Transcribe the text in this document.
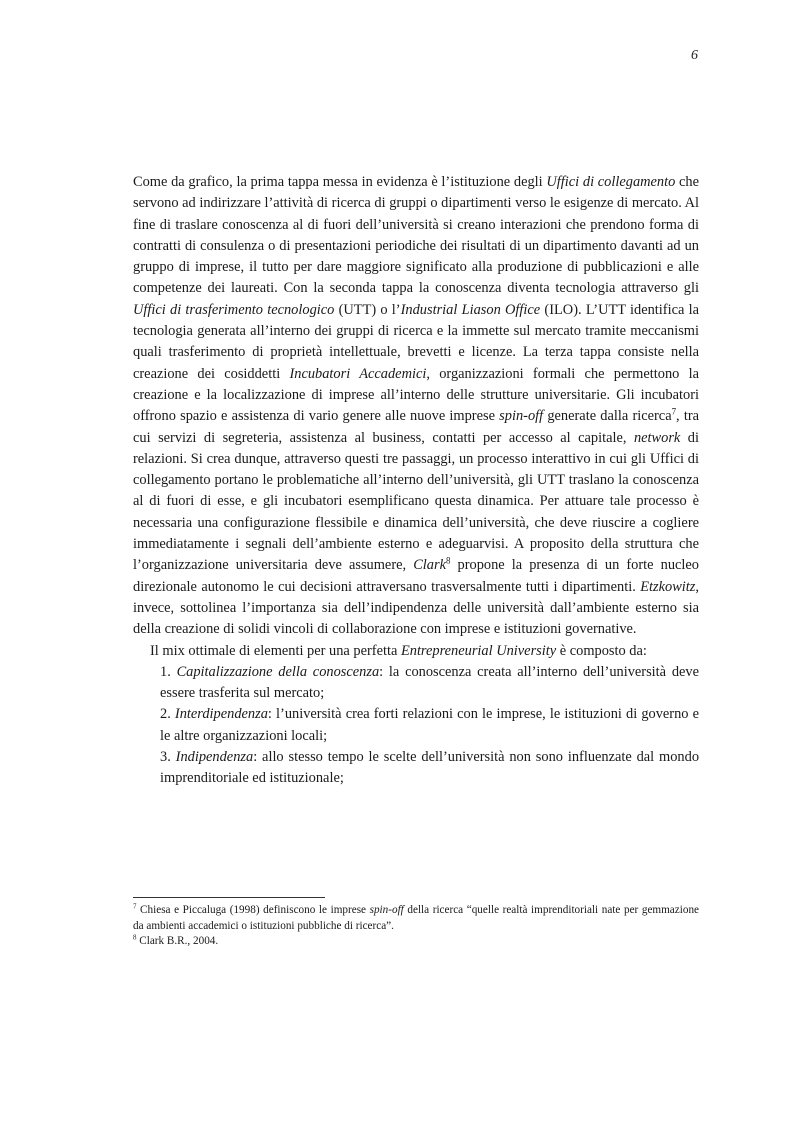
6

Come da grafico, la prima tappa messa in evidenza è l’istituzione degli Uffici di collegamento che servono ad indirizzare l’attività di ricerca di gruppi o dipartimenti verso le esigenze di mercato. Al fine di traslare conoscenza al di fuori dell’università si creano interazioni che prendono forma di contratti di consulenza o di presentazioni periodiche dei risultati di un dipartimento davanti ad un gruppo di imprese, il tutto per dare maggiore significato alla produzione di pubblicazioni e alle competenze dei laureati. Con la seconda tappa la conoscenza diventa tecnologia attraverso gli Uffici di trasferimento tecnologico (UTT) o l’Industrial Liason Office (ILO). L’UTT identifica la tecnologia generata all’interno dei gruppi di ricerca e la immette sul mercato tramite meccanismi quali trasferimento di proprietà intellettuale, brevetti e licenze. La terza tappa consiste nella creazione dei cosiddetti Incubatori Accademici, organizzazioni formali che permettono la creazione e la localizzazione di imprese all’interno delle strutture universitarie. Gli incubatori offrono spazio e assistenza di vario genere alle nuove imprese spin-off generate dalla ricerca$^7$, tra cui servizi di segreteria, assistenza al business, contatti per accesso al capitale, network di relazioni. Si crea dunque, attraverso questi tre passaggi, un processo interattivo in cui gli Uffici di collegamento portano le problematiche all’interno dell’università, gli UTT traslano la conoscenza al di fuori di esse, e gli incubatori esemplificano questa dinamica. Per attuare tale processo è necessaria una configurazione flessibile e dinamica dell’università, che deve riuscire a cogliere immediatamente i segnali dell’ambiente esterno e adeguarvisi. A proposito della struttura che l’organizzazione universitaria deve assumere, Clark$^8$ propone la presenza di un forte nucleo direzionale autonomo le cui decisioni attraversano trasversalmente tutti i dipartimenti. Etzkowitz, invece, sottolinea l’importanza sia dell’indipendenza delle università dall’ambiente esterno sia della creazione di solidi vincoli di collaborazione con imprese e istituzioni governative.

Il mix ottimale di elementi per una perfetta Entrepreneurial University è composto da:

1. Capitalizzazione della conoscenza: la conoscenza creata all’interno dell’università deve essere trasferita sul mercato;
2. Interdipendenza: l’università crea forti relazioni con le imprese, le istituzioni di governo e le altre organizzazioni locali;
3. Indipendenza: allo stesso tempo le scelte dell’università non sono influenzate dal mondo imprenditoriale ed istituzionale;

$^7$ Chiesa e Piccaluga (1998) definiscono le imprese spin-off della ricerca “quelle realtà imprenditoriali nate per gemmazione da ambienti accademici o istituzioni pubbliche di ricerca”.

$^8$ Clark B.R., 2004.
